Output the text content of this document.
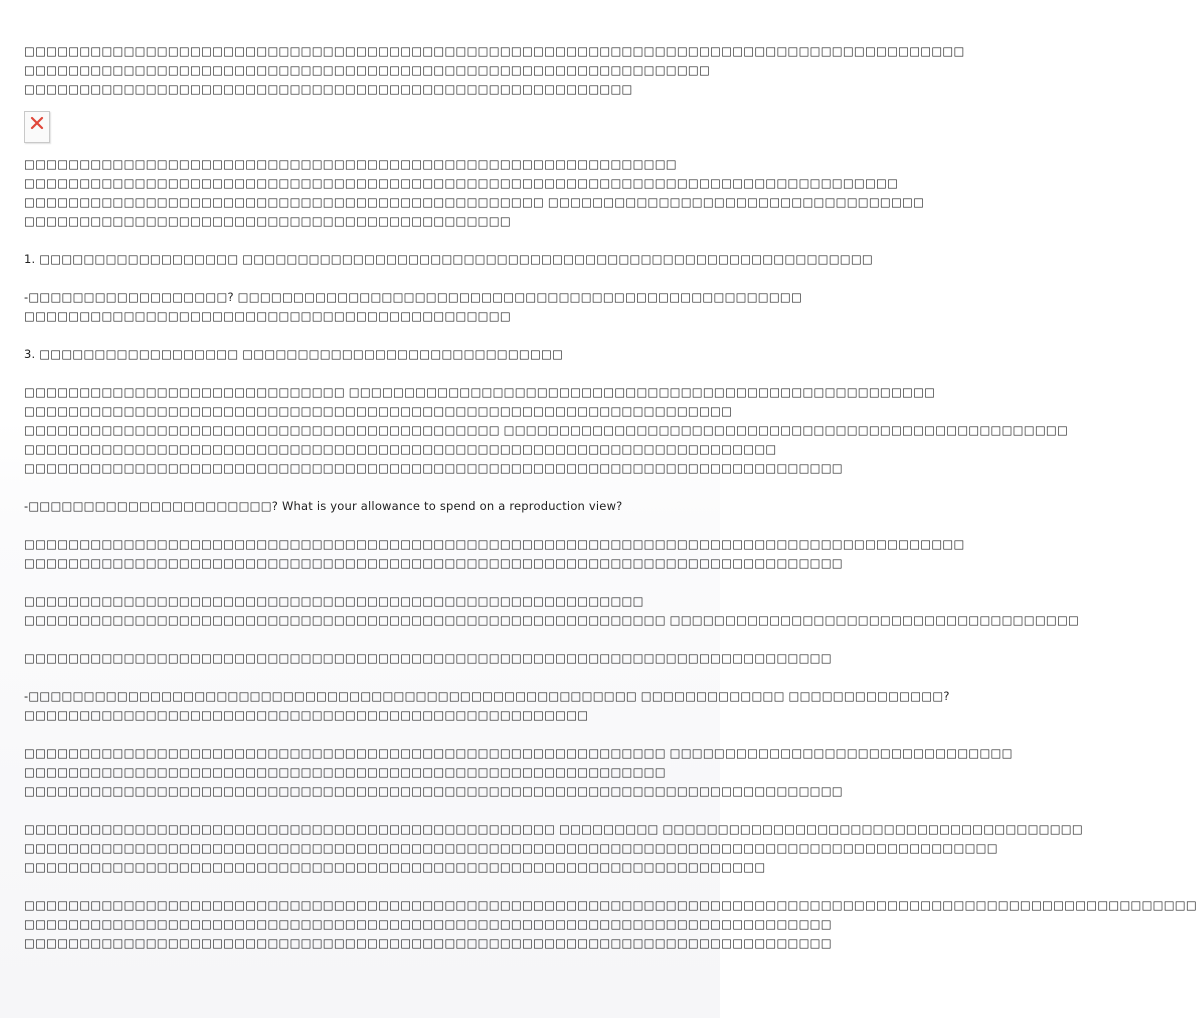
□□□□□□□□□□□□□□□□□□□□□□□□□□□□□□□□□□□□□□□□□□□□□□□□□□□□□□□□□□□□□□□□□□□□□□□□□□□□□□□□□□□□□
□□□□□□□□□□□□□□□□□□□□□□□□□□□□□□□□□□□□□□□□□□□□□□□□□□□□□□□□□□□□□□
□□□□□□□□□□□□□□□□□□□□□□□□□□□□□□□□□□□□□□□□□□□□□□□□□□□□□□□
□□□□□□□□□□□□□□□□□□□□□□□□□□□□□□□□□□□□□□□□□□□□□□□□□□□□□□□□□□□
□□□□□□□□□□□□□□□□□□□□□□□□□□□□□□□□□□□□□□□□□□□□□□□□□□□□□□□□□□□□□□□□□□□□□□□□□□□□□□□
□□□□□□□□□□□□□□□□□□□□□□□□□□□□□□□□□□□□□□□□□□□□□□□ □□□□□□□□□□□□□□□□□□□□□□□□□□□□□□□□□□
□□□□□□□□□□□□□□□□□□□□□□□□□□□□□□□□□□□□□□□□□□□□
1. □□□□□□□□□□□□□□□□□□ □□□□□□□□□□□□□□□□□□□□□□□□□□□□□□□□□□□□□□□□□□□□□□□□□□□□□□□□□
-□□□□□□□□□□□□□□□□□□? □□□□□□□□□□□□□□□□□□□□□□□□□□□□□□□□□□□□□□□□□□□□□□□□□□□
□□□□□□□□□□□□□□□□□□□□□□□□□□□□□□□□□□□□□□□□□□□□
3. □□□□□□□□□□□□□□□□□□ □□□□□□□□□□□□□□□□□□□□□□□□□□□□□
□□□□□□□□□□□□□□□□□□□□□□□□□□□□□ □□□□□□□□□□□□□□□□□□□□□□□□□□□□□□□□□□□□□□□□□□□□□□□□□□□□□
□□□□□□□□□□□□□□□□□□□□□□□□□□□□□□□□□□□□□□□□□□□□□□□□□□□□□□□□□□□□□□□□
□□□□□□□□□□□□□□□□□□□□□□□□□□□□□□□□□□□□□□□□□□□ □□□□□□□□□□□□□□□□□□□□□□□□□□□□□□□□□□□□□□□□□□□□□□□□□□□
□□□□□□□□□□□□□□□□□□□□□□□□□□□□□□□□□□□□□□□□□□□□□□□□□□□□□□□□□□□□□□□□□□□□
□□□□□□□□□□□□□□□□□□□□□□□□□□□□□□□□□□□□□□□□□□□□□□□□□□□□□□□□□□□□□□□□□□□□□□□□□□
-□□□□□□□□□□□□□□□□□□□□□□? What is your allowance to spend on a reproduction view?
□□□□□□□□□□□□□□□□□□□□□□□□□□□□□□□□□□□□□□□□□□□□□□□□□□□□□□□□□□□□□□□□□□□□□□□□□□□□□□□□□□□□□
□□□□□□□□□□□□□□□□□□□□□□□□□□□□□□□□□□□□□□□□□□□□□□□□□□□□□□□□□□□□□□□□□□□□□□□□□□
□□□□□□□□□□□□□□□□□□□□□□□□□□□□□□□□□□□□□□□□□□□□□□□□□□□□□□□□
□□□□□□□□□□□□□□□□□□□□□□□□□□□□□□□□□□□□□□□□□□□□□□□□□□□□□□□□□□ □□□□□□□□□□□□□□□□□□□□□□□□□□□□□□□□□□□□□
□□□□□□□□□□□□□□□□□□□□□□□□□□□□□□□□□□□□□□□□□□□□□□□□□□□□□□□□□□□□□□□□□□□□□□□□□
-□□□□□□□□□□□□□□□□□□□□□□□□□□□□□□□□□□□□□□□□□□□□□□□□□□□□□□□ □□□□□□□□□□□□□ □□□□□□□□□□□□□□?
□□□□□□□□□□□□□□□□□□□□□□□□□□□□□□□□□□□□□□□□□□□□□□□□□□□
□□□□□□□□□□□□□□□□□□□□□□□□□□□□□□□□□□□□□□□□□□□□□□□□□□□□□□□□□□ □□□□□□□□□□□□□□□□□□□□□□□□□□□□□□□
□□□□□□□□□□□□□□□□□□□□□□□□□□□□□□□□□□□□□□□□□□□□□□□□□□□□□□□□□□
□□□□□□□□□□□□□□□□□□□□□□□□□□□□□□□□□□□□□□□□□□□□□□□□□□□□□□□□□□□□□□□□□□□□□□□□□□
□□□□□□□□□□□□□□□□□□□□□□□□□□□□□□□□□□□□□□□□□□□□□□□□ □□□□□□□□□ □□□□□□□□□□□□□□□□□□□□□□□□□□□□□□□□□□□□□□
□□□□□□□□□□□□□□□□□□□□□□□□□□□□□□□□□□□□□□□□□□□□□□□□□□□□□□□□□□□□□□□□□□□□□□□□□□□□□□□□□□□□□□□□
□□□□□□□□□□□□□□□□□□□□□□□□□□□□□□□□□□□□□□□□□□□□□□□□□□□□□□□□□□□□□□□□□□□
□□□□□□□□□□□□□□□□□□□□□□□□□□□□□□□□□□□□□□□□□□□□□□□□□□□□□□□□□□□□□□□□□□□□□□□□□□□□□□□□□□□□□□□□□□□□□□□□□□□□□□□□□□
□□□□□□□□□□□□□□□□□□□□□□□□□□□□□□□□□□□□□□□□□□□□□□□□□□□□□□□□□□□□□□□□□□□□□□□□□
□□□□□□□□□□□□□□□□□□□□□□□□□□□□□□□□□□□□□□□□□□□□□□□□□□□□□□□□□□□□□□□□□□□□□□□□□
